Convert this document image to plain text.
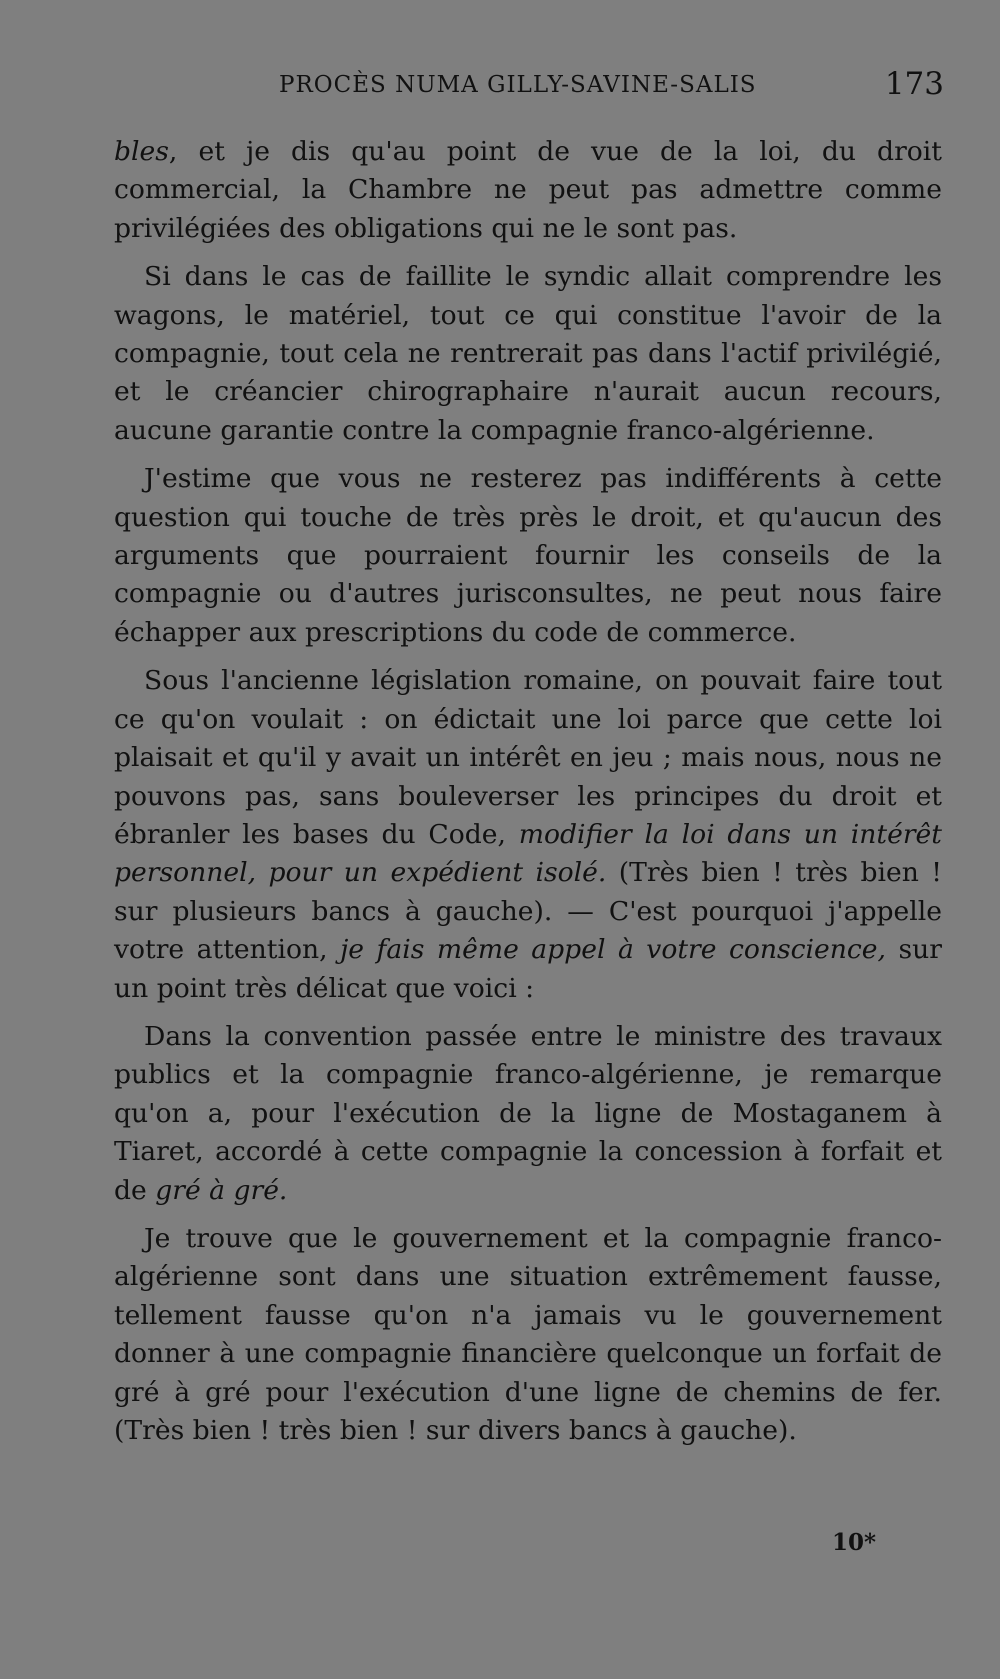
PROCÈS NUMA GILLY-SAVINE-SALIS	173

bles, et je dis qu'au point de vue de la loi, du droit commercial, la Chambre ne peut pas admettre comme privilégiées des obligations qui ne le sont pas.

Si dans le cas de faillite le syndic allait comprendre les wagons, le matériel, tout ce qui constitue l'avoir de la compagnie, tout cela ne rentrerait pas dans l'actif privilégié, et le créancier chirographaire n'aurait aucun recours, aucune garantie contre la compagnie franco-algérienne.

J'estime que vous ne resterez pas indifférents à cette question qui touche de très près le droit, et qu'aucun des arguments que pourraient fournir les conseils de la compagnie ou d'autres jurisconsultes, ne peut nous faire échapper aux prescriptions du code de commerce.

Sous l'ancienne législation romaine, on pouvait faire tout ce qu'on voulait : on édictait une loi parce que cette loi plaisait et qu'il y avait un intérêt en jeu ; mais nous, nous ne pouvons pas, sans bouleverser les principes du droit et ébranler les bases du Code, modifier la loi dans un intérêt personnel, pour un expédient isolé. (Très bien ! très bien ! sur plusieurs bancs à gauche). — C'est pourquoi j'appelle votre attention, je fais même appel à votre conscience, sur un point très délicat que voici :

Dans la convention passée entre le ministre des travaux publics et la compagnie franco-algérienne, je remarque qu'on a, pour l'exécution de la ligne de Mostaganem à Tiaret, accordé à cette compagnie la concession à forfait et de gré à gré.

Je trouve que le gouvernement et la compagnie franco-algérienne sont dans une situation extrêmement fausse, tellement fausse qu'on n'a jamais vu le gouvernement donner à une compagnie financière quelconque un forfait de gré à gré pour l'exécution d'une ligne de chemins de fer. (Très bien ! très bien ! sur divers bancs à gauche).

10*
